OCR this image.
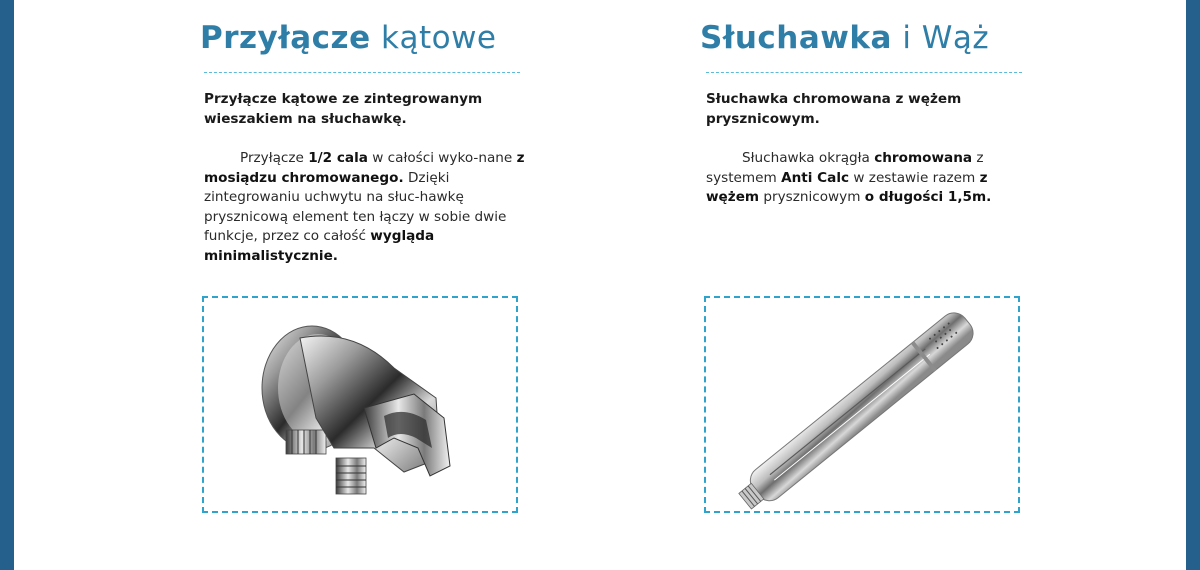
Przyłącze kątowe
Przyłącze kątowe ze zintegrowanym wieszakiem na słuchawkę.
Przyłącze 1/2 cala w całości wyko-nane z mosiądzu chromowanego. Dzięki zintegrowaniu uchwytu na słuc-hawkę prysznicową element ten łączy w sobie dwie funkcje, przez co całość wygląda minimalistycznie.
Słuchawka i Wąż
Słuchawka chromowana z wężem prysznicowym.
Słuchawka okrągła chromowana z systemem Anti Calc w zestawie razem z wężem prysznicowym o długości 1,5m.
